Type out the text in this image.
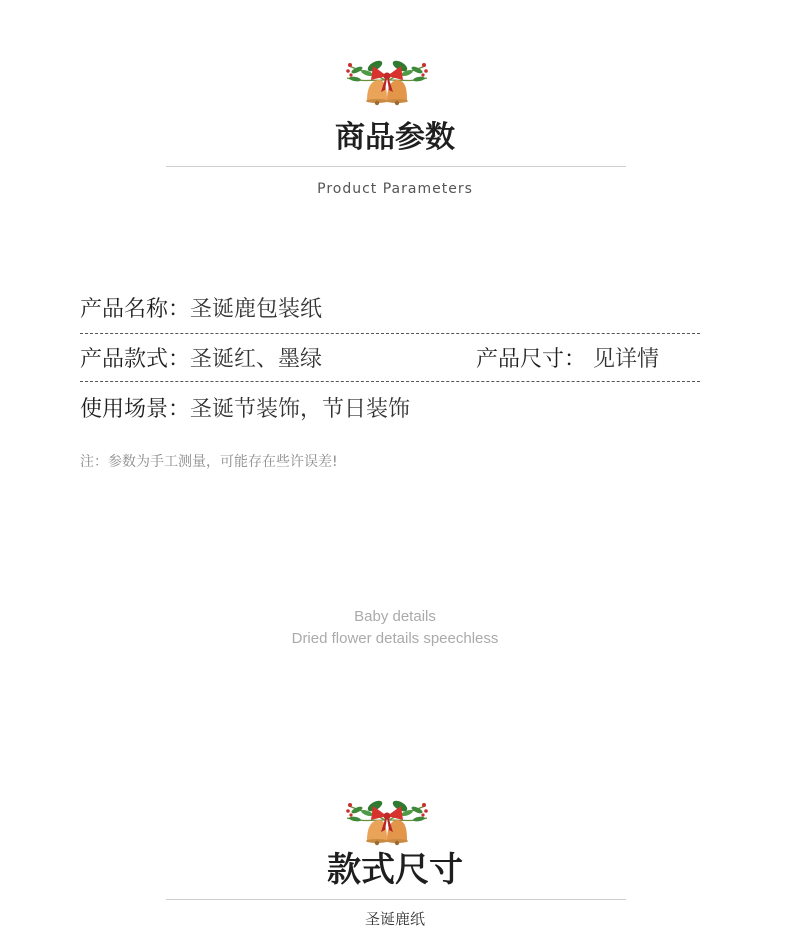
商品参数
Product Parameters
产品名称： 圣诞鹿包装纸
产品款式： 圣诞红、墨绿	产品尺寸： 见详情
使用场景： 圣诞节装饰，节日装饰
注：参数为手工测量，可能存在些许误差!
Baby details
Dried flower details speechless
款式尺寸
圣诞鹿纸
